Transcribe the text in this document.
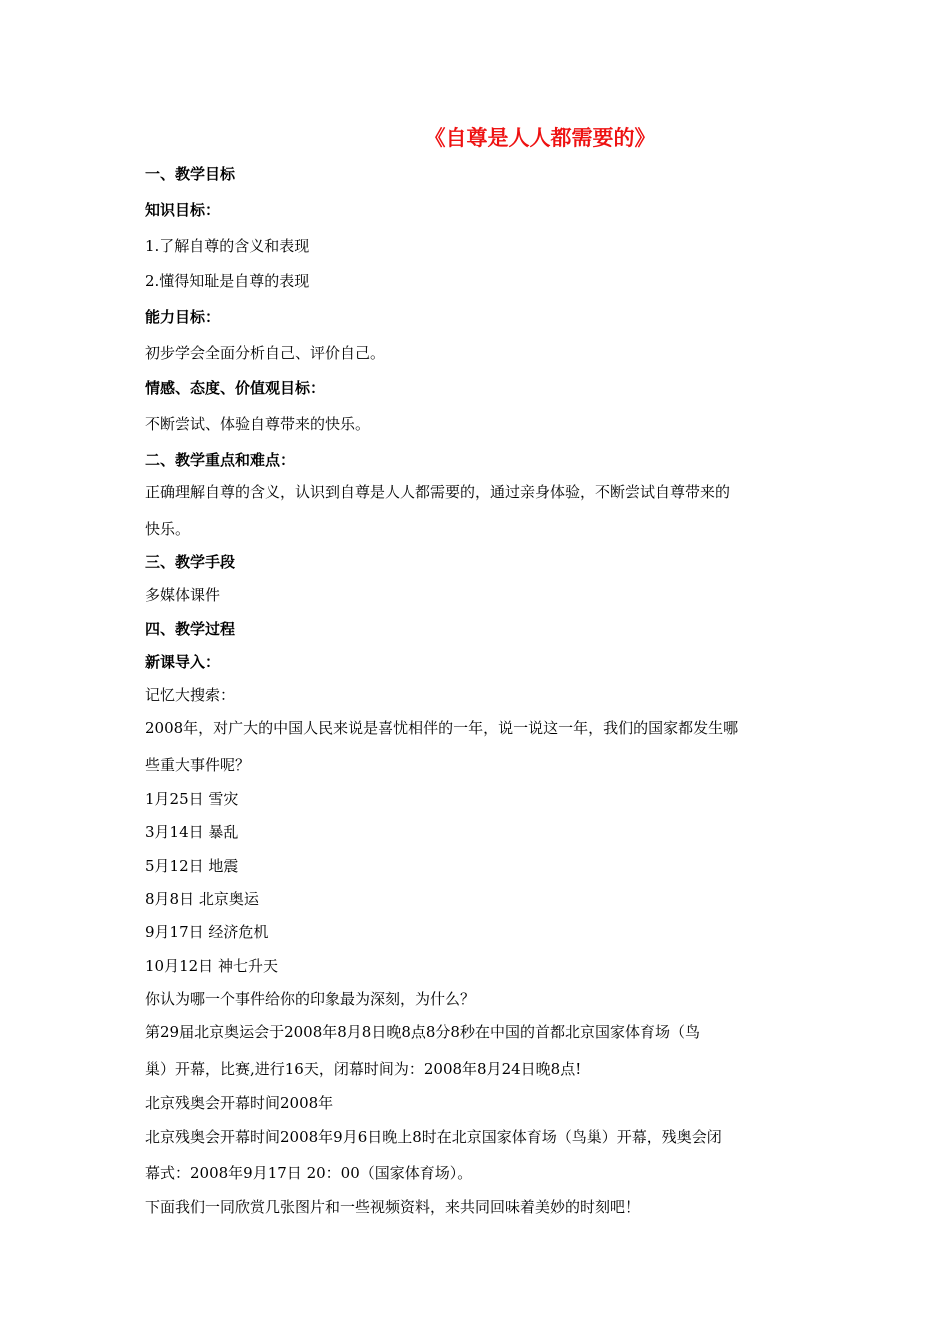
《自尊是人人都需要的》
一、教学目标
知识目标：
1.了解自尊的含义和表现
2.懂得知耻是自尊的表现
能力目标：
初步学会全面分析自己、评价自己。
情感、态度、价值观目标：
不断尝试、体验自尊带来的快乐。
二、教学重点和难点：
正确理解自尊的含义，认识到自尊是人人都需要的，通过亲身体验，不断尝试自尊带来的
快乐。
三、教学手段
多媒体课件
四、教学过程
新课导入：
记忆大搜索：
2008年，对广大的中国人民来说是喜忧相伴的一年，说一说这一年，我们的国家都发生哪
些重大事件呢？
1月25日 雪灾
3月14日 暴乱
5月12日 地震
8月8日 北京奥运
9月17日 经济危机
10月12日 神七升天
你认为哪一个事件给你的印象最为深刻，为什么？
第29届北京奥运会于2008年8月8日晚8点8分8秒在中国的首都北京国家体育场（鸟
巢）开幕，比赛,进行16天，闭幕时间为：2008年8月24日晚8点!
北京残奥会开幕时间2008年
北京残奥会开幕时间2008年9月6日晚上8时在北京国家体育场（鸟巢）开幕，残奥会闭
幕式：2008年9月17日 20：00（国家体育场）。
下面我们一同欣赏几张图片和一些视频资料，来共同回味着美妙的时刻吧！
